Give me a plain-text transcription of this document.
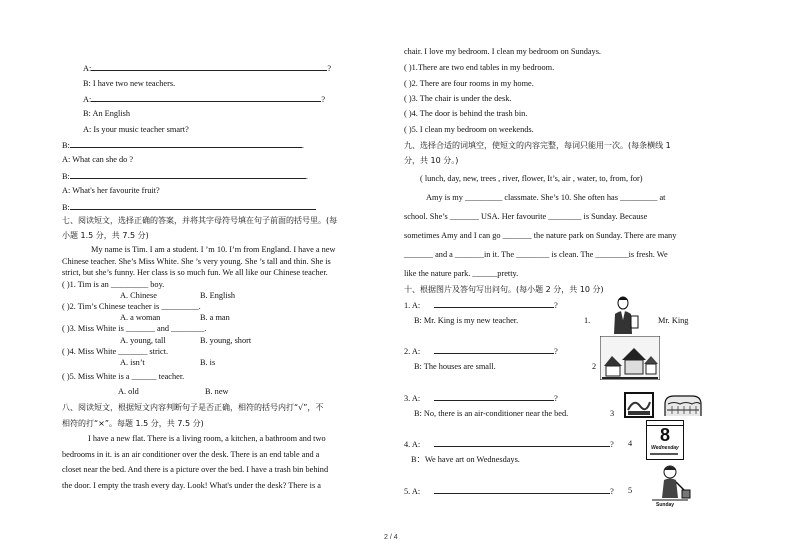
A:	?
B: I have two new teachers.
A:	?
B: An English
A: Is your music teacher smart?
B:	.
A: What can she do ?
B:	.
A: What's her favourite fruit?
B:
七、阅读短文，选择正确的答案，并将其字母符号填在句子前面的括号里。(每
小题 1.5 分，共 7.5 分)
My name is Tim. I am a student. I ’m 10. I’m from England. I have a new
Chinese teacher. She’s Miss White. She ’s very young. She ’s tall and thin. She is
strict, but she’s funny. Her class is so much fun. We all like our Chinese teacher.
( )1. Tim is an _________ boy.
A. Chinese	B. English
( )2. Tim’s Chinese teacher is _________.
A. a woman	B. a man
( )3. Miss White is _______ and ________.
A. young, tall	B. young, short
( )4. Miss White _______ strict.
A. isn’t	B. is
( )5. Miss White is a ______ teacher.
A. old	B. new
八、阅读短文，根据短文内容判断句子是否正确，相符的括号内打“√”，不
相符的打“×”。每题 1.5 分，共 7.5 分)
I have a new flat. There is a living room, a kitchen, a bathroom and two
bedrooms in it. is an air conditioner over the desk. There is an end table and a
closet near the bed. And there is a picture over the bed. I have a trash bin behind
the door. I empty the trash every day. Look! What's under the desk? There is a
chair. I love my bedroom. I clean my bedroom on Sundays.
( )1.There are two end tables in my bedroom.
( )2. There are four rooms in my home.
( )3. The chair is under the desk.
( )4. The door is behind the trash bin.
( )5. I clean my bedroom on weekends.
九、选择合适的词填空，使短文的内容完整，每词只能用一次。(每条横线 1
分，共 10 分。)
( lunch, day, new, trees , river, flower, It’s, air , water, to, from, for)
Amy is my _________ classmate. She’s 10. She often has _________ at
school. She’s _______ USA. Her favourite ________ is Sunday. Because
sometimes Amy and I can go _______ the nature park on Sunday. There are many
_______ and a _______in it. The ________ is clean. The ________is fresh. We
like the nature park. ______pretty.
十、根据图片及答句写出问句。(每小题 2 分，共 10 分)
1. A:	?
B: Mr. King is my new teacher.	1.	Mr. King
2. A:	?
B: The houses are small.	2
3. A:	?
B: No, there is an air-conditioner near the bed.	3
4. A:	? 4
B：We have art on Wednesdays.
8
Wednesday
5. A:	? 5
Sunday
2 / 4
